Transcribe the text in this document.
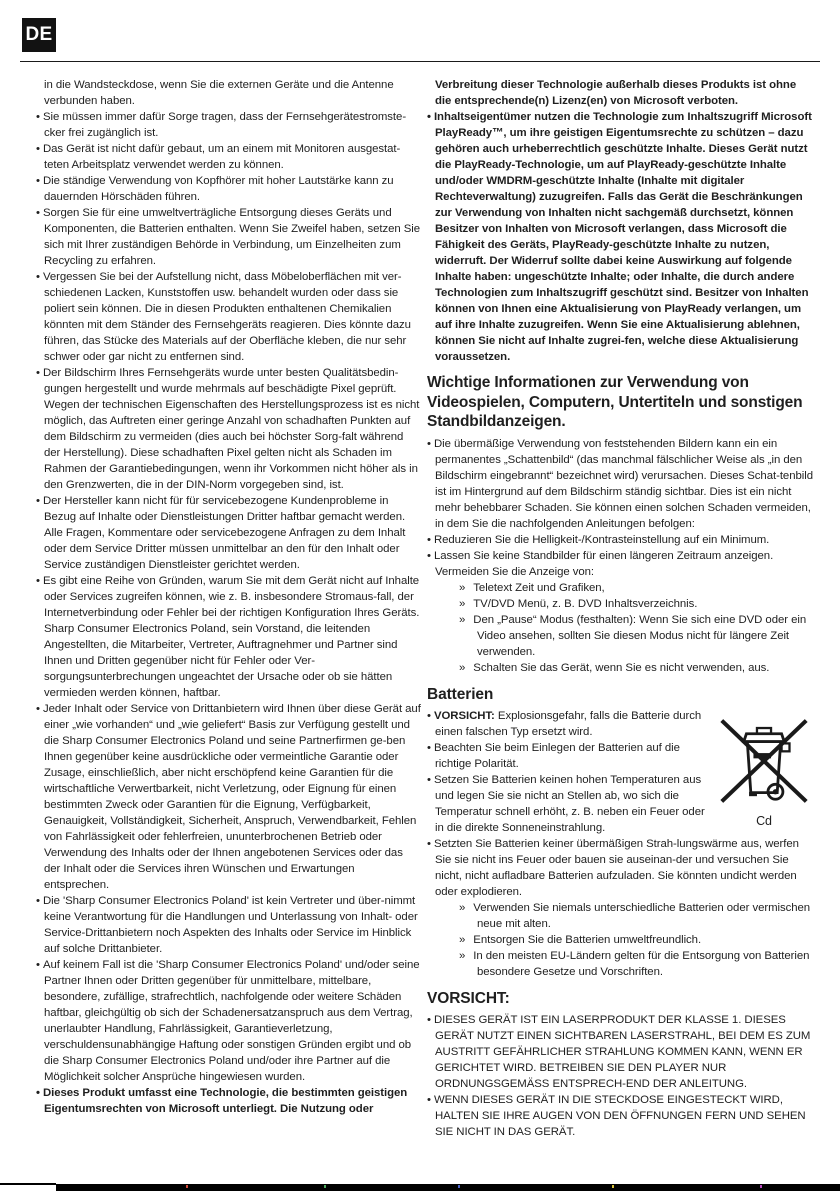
DE

in die Wandsteckdose, wenn Sie die externen Geräte und die Antenne verbunden haben.

• Sie müssen immer dafür Sorge tragen, dass der Fernsehgerätestromste-cker frei zugänglich ist.
• Das Gerät ist nicht dafür gebaut, um an einem mit Monitoren ausgestat-teten Arbeitsplatz verwendet werden zu können.
• Die ständige Verwendung von Kopfhörer mit hoher Lautstärke kann zu dauernden Hörschäden führen.
• Sorgen Sie für eine umweltverträgliche Entsorgung dieses Geräts und Komponenten, die Batterien enthalten. Wenn Sie Zweifel haben, setzen Sie sich mit Ihrer zuständigen Behörde in Verbindung, um Einzelheiten zum Recycling zu erfahren.
• Vergessen Sie bei der Aufstellung nicht, dass Möbeloberflächen mit ver-schiedenen Lacken, Kunststoffen usw. behandelt wurden oder dass sie poliert sein können. Die in diesen Produkten enthaltenen Chemikalien könnten mit dem Ständer des Fernsehgeräts reagieren. Dies könnte dazu führen, das Stücke des Materials auf der Oberfläche kleben, die nur sehr schwer oder gar nicht zu entfernen sind.
• Der Bildschirm Ihres Fernsehgeräts wurde unter besten Qualitätsbedin-gungen hergestellt und wurde mehrmals auf beschädigte Pixel geprüft. Wegen der technischen Eigenschaften des Herstellungsprozess ist es nicht möglich, das Auftreten einer geringe Anzahl von schadhaften Punkten auf dem Bildschirm zu vermeiden (dies auch bei höchster Sorg-falt während der Herstellung). Diese schadhaften Pixel gelten nicht als Schaden im Rahmen der Garantiebedingungen, wenn ihr Vorkommen nicht höher als in den Grenzwerten, die in der DIN-Norm vorgegeben sind, ist.
• Der Hersteller kann nicht für für servicebezogene Kundenprobleme in Bezug auf Inhalte oder Dienstleistungen Dritter haftbar gemacht werden. Alle Fragen, Kommentare oder servicebezogene Anfragen zu dem Inhalt oder dem Service Dritter müssen unmittelbar an den für den Inhalt oder Service zuständigen Dienstleister gerichtet werden.
• Es gibt eine Reihe von Gründen, warum Sie mit dem Gerät nicht auf Inhalte oder Services zugreifen können, wie z. B. insbesondere Stromaus-fall, der Internetverbindung oder Fehler bei der richtigen Konfiguration Ihres Geräts. Sharp Consumer Electronics Poland, sein Vorstand, die leitenden Angestellten, die Mitarbeiter, Vertreter, Auftragnehmer und Partner sind Ihnen und Dritten gegenüber nicht für Fehler oder Ver-sorgungsunterbrechungen ungeachtet der Ursache oder ob sie hätten vermieden werden können, haftbar.
• Jeder Inhalt oder Service von Drittanbietern wird Ihnen über diese Gerät auf einer „wie vorhanden“ und „wie geliefert“ Basis zur Verfügung gestellt und die Sharp Consumer Electronics Poland und seine Partnerfirmen ge-ben Ihnen gegenüber keine ausdrückliche oder vermeintliche Garantie oder Zusage, einschließlich, aber nicht erschöpfend keine Garantien für die wirtschaftliche Verwertbarkeit, nicht Verletzung, oder Eignung für einen bestimmten Zweck oder Garantien für die Eignung, Verfügbarkeit, Genauigkeit, Vollständigkeit, Sicherheit, Anspruch, Verwendbarkeit, Fehlen von Fahrlässigkeit oder fehlerfreien, ununterbrochenen Betrieb oder Verwendung des Inhalts oder der Ihnen angebotenen Services oder das der Inhalt oder die Services ihren Wünschen und Erwartungen entsprechen.
• Die 'Sharp Consumer Electronics Poland' ist kein Vertreter und über-nimmt keine Verantwortung für die Handlungen und Unterlassung von Inhalt- oder Service-Drittanbietern noch Aspekten des Inhalts oder Service im Hinblick auf solche Drittanbieter.
• Auf keinem Fall ist die 'Sharp Consumer Electronics Poland' und/oder seine Partner Ihnen oder Dritten gegenüber für unmittelbare, mittelbare, besondere, zufällige, strafrechtlich, nachfolgende oder weitere Schäden haftbar, gleichgültig ob sich der Schadenersatzanspruch aus dem Vertrag, unerlaubter Handlung, Fahrlässigkeit, Garantieverletzung, verschuldensunabhängige Haftung oder sonstigen Gründen ergibt und ob die Sharp Consumer Electronics Poland und/oder ihre Partner auf die Möglichkeit solcher Ansprüche hingewiesen wurden.
• Dieses Produkt umfasst eine Technologie, die bestimmten geistigen Eigentumsrechten von Microsoft unterliegt. Die Nutzung oder

Verbreitung dieser Technologie außerhalb dieses Produkts ist ohne die entsprechende(n) Lizenz(en) von Microsoft verboten.

• Inhaltseigentümer nutzen die Technologie zum Inhaltszugriff Microsoft PlayReady™, um ihre geistigen Eigentumsrechte zu schützen – dazu gehören auch urheberrechtlich geschützte Inhalte. Dieses Gerät nutzt die PlayReady-Technologie, um auf PlayReady-geschützte Inhalte und/oder WMDRM-geschützte Inhalte (Inhalte mit digitaler Rechteverwaltung) zuzugreifen. Falls das Gerät die Beschränkungen zur Verwendung von Inhalten nicht sachgemäß durchsetzt, können Besitzer von Inhalten von Microsoft verlangen, dass Microsoft die Fähigkeit des Geräts, PlayReady-geschützte Inhalte zu nutzen, widerruft. Der Widerruf sollte dabei keine Auswirkung auf folgende Inhalte haben: ungeschützte Inhalte; oder Inhalte, die durch andere Technologien zum Inhaltszugriff geschützt sind. Besitzer von Inhalten können von Ihnen eine Aktualisierung von PlayReady verlangen, um auf ihre Inhalte zuzugreifen. Wenn Sie eine Aktualisierung ablehnen, können Sie nicht auf Inhalte zugrei-fen, welche diese Aktualisierung voraussetzen.
Wichtige Informationen zur Verwendung von Videospielen, Computern, Untertiteln und sonstigen Standbildanzeigen.
• Die übermäßige Verwendung von feststehenden Bildern kann ein ein permanentes „Schattenbild“ (das manchmal fälschlicher Weise als „in den Bildschirm eingebrannt“ bezeichnet wird) verursachen. Dieses Schat-tenbild ist im Hintergrund auf dem Bildschirm ständig sichtbar. Dies ist ein nicht mehr behebbarer Schaden. Sie können einen solchen Schaden vermeiden, in dem Sie die nachfolgenden Anleitungen befolgen:
• Reduzieren Sie die Helligkeit-/Kontrasteinstellung auf ein Minimum.
• Lassen Sie keine Standbilder für einen längeren Zeitraum anzeigen. Vermeiden Sie die Anzeige von:
» Teletext Zeit und Grafiken,
» TV/DVD Menü, z. B. DVD Inhaltsverzeichnis.
» Den „Pause“ Modus (festhalten): Wenn Sie sich eine DVD oder ein Video ansehen, sollten Sie diesen Modus nicht für längere Zeit verwenden.
» Schalten Sie das Gerät, wenn Sie es nicht verwenden, aus.
Batterien
Cd
• VORSICHT: Explosionsgefahr, falls die Batterie durch einen falschen Typ ersetzt wird.
• Beachten Sie beim Einlegen der Batterien auf die richtige Polarität.
• Setzen Sie Batterien keinen hohen Temperaturen aus und legen Sie sie nicht an Stellen ab, wo sich die Temperatur schnell erhöht, z. B. neben ein Feuer oder in die direkte Sonneneinstrahlung.
• Setzten Sie Batterien keiner übermäßigen Strah-lungswärme aus, werfen Sie sie nicht ins Feuer oder bauen sie auseinan-der und versuchen Sie nicht, nicht aufladbare Batterien aufzuladen. Sie könnten undicht werden oder explodieren.
» Verwenden Sie niemals unterschiedliche Batterien oder vermischen neue mit alten.
» Entsorgen Sie die Batterien umweltfreundlich.
» In den meisten EU-Ländern gelten für die Entsorgung von Batterien besondere Gesetze und Vorschriften.
VORSICHT:
• DIESES GERÄT IST EIN LASERPRODUKT DER KLASSE 1. DIESES GERÄT NUTZT EINEN SICHTBAREN LASERSTRAHL, BEI DEM ES ZUM AUSTRITT GEFÄHRLICHER STRAHLUNG KOMMEN KANN, WENN ER GERICHTET WIRD. BETREIBEN SIE DEN PLAYER NUR ORDNUNGSGEMÄSS ENTSPRECH-END DER ANLEITUNG.
• WENN DIESES GERÄT IN DIE STECKDOSE EINGESTECKT WIRD, HALTEN SIE IHRE AUGEN VON DEN ÖFFNUNGEN FERN UND SEHEN SIE NICHT IN DAS GERÄT.
